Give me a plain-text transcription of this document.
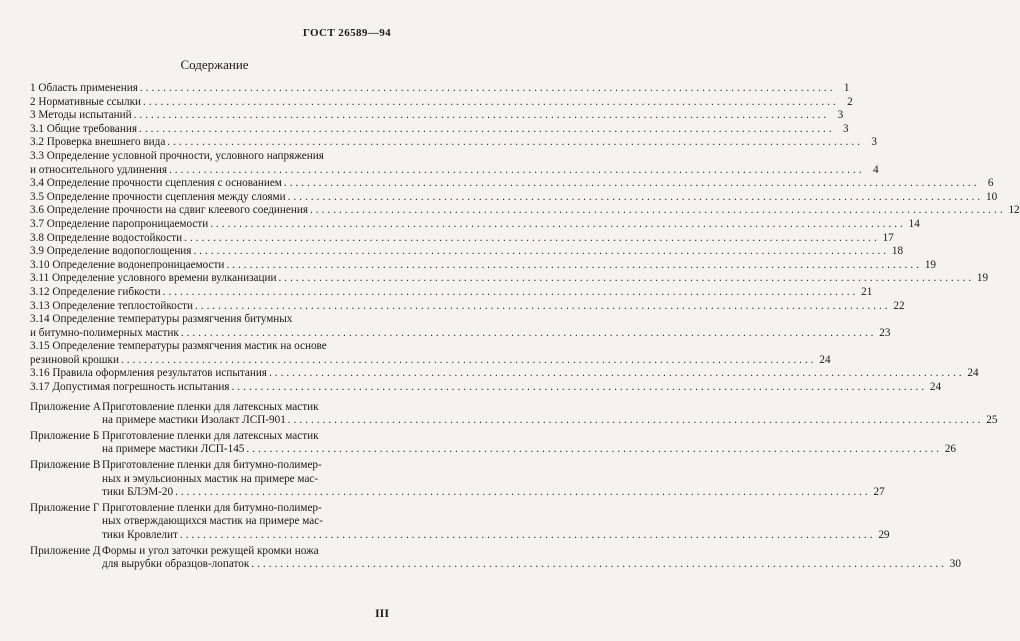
ГОСТ 26589—94
Содержание
1 Область применения ........................................................................................................................ 1
2 Нормативные ссылки ........................................................................................................................ 2
3 Методы испытаний ........................................................................................................................ 3
3.1 Общие требования ........................................................................................................................ 3
3.2 Проверка внешнего вида ........................................................................................................................ 3
3.3 Определение условной прочности, условного напряжения
и относительного удлинения ........................................................................................................................ 4
3.4 Определение прочности сцепления с основанием ........................................................................................................................ 6
3.5 Определение прочности сцепления между слоями ........................................................................................................................ 10
3.6 Определение прочности на сдвиг клеевого соединения ........................................................................................................................ 12
3.7 Определение паропроницаемости ........................................................................................................................ 14
3.8 Определение водостойкости ........................................................................................................................ 17
3.9 Определение водопоглощения ........................................................................................................................ 18
3.10 Определение водонепроницаемости ........................................................................................................................ 19
3.11 Определение условного времени вулканизации ........................................................................................................................ 19
3.12 Определение гибкости ........................................................................................................................ 21
3.13 Определение теплостойкости ........................................................................................................................ 22
3.14 Определение температуры размягчения битумных
и битумно-полимерных мастик ........................................................................................................................ 23
3.15 Определение температуры размягчения мастик на основе
резиновой крошки ........................................................................................................................ 24
3.16 Правила оформления результатов испытания ........................................................................................................................ 24
3.17 Допустимая погрешность испытания ........................................................................................................................ 24
Приложение А Приготовление пленки для латексных мастик
на примере мастики Изолакт ЛСП-901 ........................................................................................................................ 25
Приложение Б Приготовление пленки для латексных мастик
на примере мастики ЛСП-145 ........................................................................................................................ 26
Приложение В Приготовление пленки для битумно-полимер-
ных и эмульсионных мастик на примере мас-
тики БЛЭМ-20 ........................................................................................................................ 27
Приложение Г Приготовление пленки для битумно-полимер-
ных отверждающихся мастик на примере мас-
тики Кровлелит ........................................................................................................................ 29
Приложение Д Формы и угол заточки режущей кромки ножа
для вырубки образцов-лопаток ........................................................................................................................ 30
III
